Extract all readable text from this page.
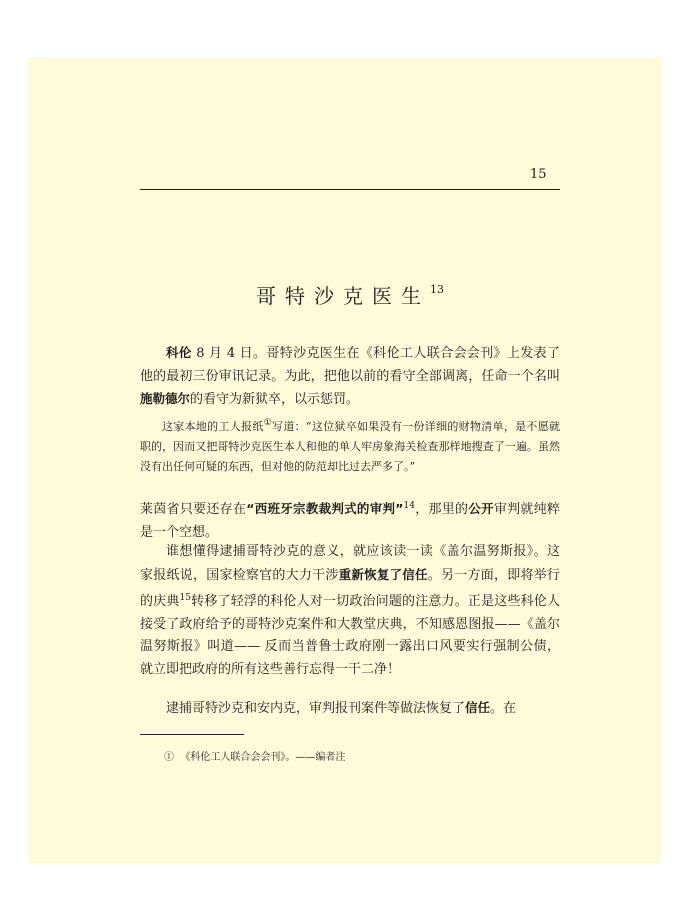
15
哥特沙克医生$^{13}$

科伦 8 月 4 日。哥特沙克医生在《科伦工人联合会会刊》上发表了他的最初三份审讯记录。为此，把他以前的看守全部调离，任命一个名叫施勒德尔的看守为新狱卒，以示惩罚。

这家本地的工人报纸①写道：“这位狱卒如果没有一份详细的财物清单，是不愿就职的，因而又把哥特沙克医生本人和他的单人牢房象海关检查那样地搜查了一遍。虽然没有出任何可疑的东西，但对他的防范却比过去严多了。”

莱茵省只要还存在“西班牙宗教裁判式的审判”$^{14}$，那里的公开审判就纯粹是一个空想。

谁想懂得逮捕哥特沙克的意义，就应该读一读《盖尔温努斯报》。这家报纸说，国家检察官的大力干涉重新恢复了信任。另一方面，即将举行的庆典$^{15}$转移了轻浮的科伦人对一切政治问题的注意力。正是这些科伦人接受了政府给予的哥特沙克案件和大教堂庆典，不知感恩图报——《盖尔温努斯报》叫道—— 反而当普鲁士政府刚一露出口风要实行强制公债，就立即把政府的所有这些善行忘得一干二净！

逮捕哥特沙克和安内克，审判报刊案件等做法恢复了信任。在

① 《科伦工人联合会会刊》。——编者注
